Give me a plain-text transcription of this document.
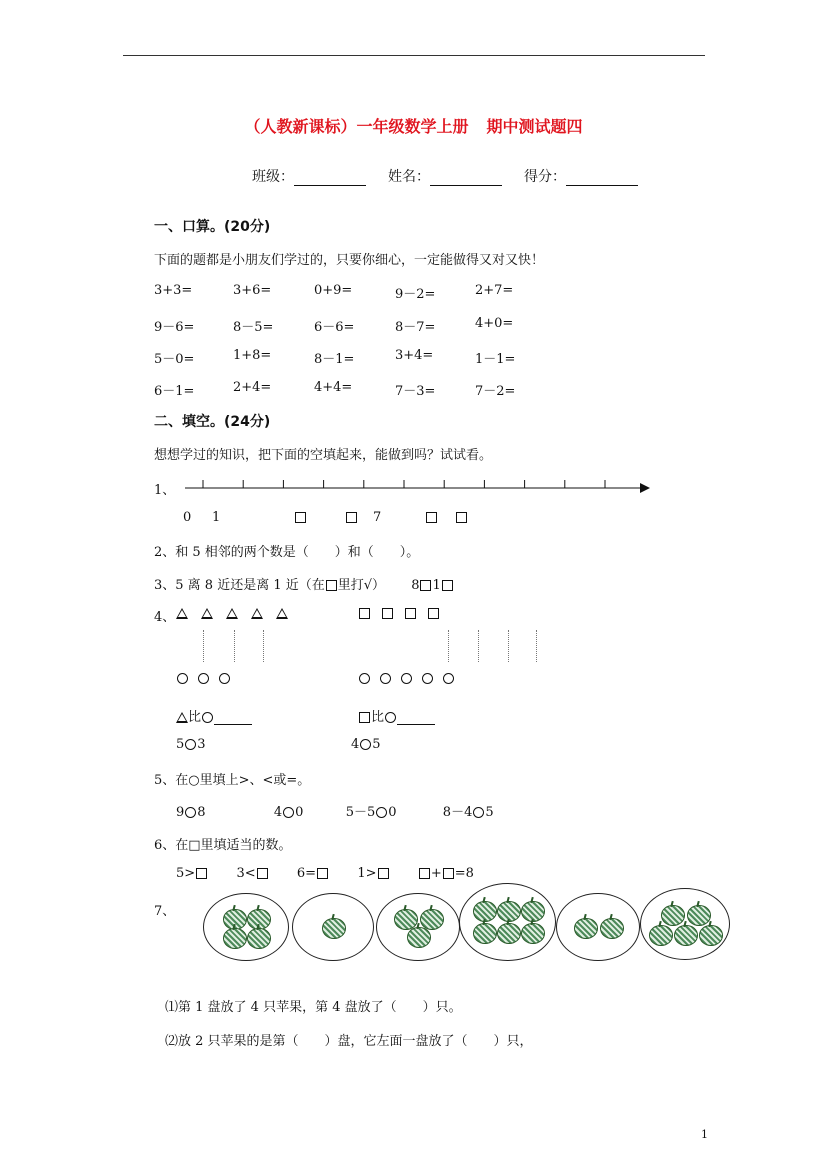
（人教新课标）一年级数学上册 期中测试题四
班级：	姓名：	得分：
一、口算。(20分)
下面的题都是小朋友们学过的，只要你细心，一定能做得又对又快！
3+3=	3+6=	0+9=	9－2=	2+7=
9－6=	8－5=	6－6=	8－7=	4+0=
5－0=	1+8=	8－1=	3+4=	1－1=
6－1=	2+4=	4+4=	7－3=	7－2=
二、填空。(24分)
想想学过的知识，把下面的空填起来，能做到吗？试试看。
1、
0 1	7
2、和 5 相邻的两个数是（　　）和（　　）。
3、5 离 8 近还是离 1 近（在 里打√） 8 1
4、
比	比
5 3	4 5
5、在○里填上>、<或=。
9 8	4 0	5－5 0	8－4 5
6、在□里填适当的数。
5>	3<	6=	1>	+ =8
7、
⑴第 1 盘放了 4 只苹果，第 4 盘放了（　　）只。
⑵放 2 只苹果的是第（　　）盘，它左面一盘放了（　　）只，
1
